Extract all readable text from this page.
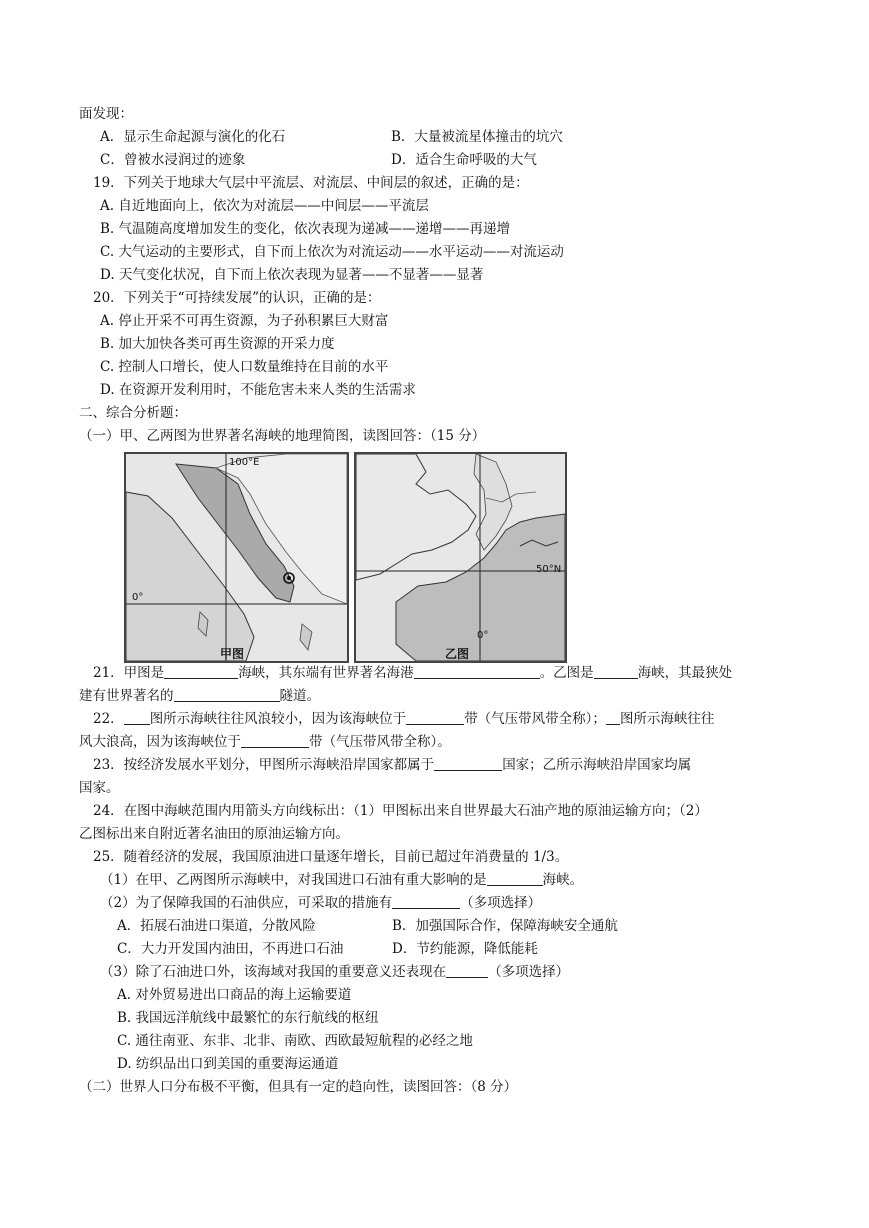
面发现：
A．显示生命起源与演化的化石	B．大量被流星体撞击的坑穴
C．曾被水浸润过的迹象	D．适合生命呼吸的大气
19．下列关于地球大气层中平流层、对流层、中间层的叙述，正确的是：
A. 自近地面向上，依次为对流层——中间层——平流层
B. 气温随高度增加发生的变化，依次表现为递减——递增——再递增
C. 大气运动的主要形式，自下而上依次为对流运动——水平运动——对流运动
D. 天气变化状况，自下而上依次表现为显著——不显著——显著
20．下列关于“可持续发展”的认识，正确的是：
A. 停止开采不可再生资源，为子孙积累巨大财富
B. 加大加快各类可再生资源的开采力度
C. 控制人口增长，使人口数量维持在目前的水平
D. 在资源开发利用时，不能危害未来人类的生活需求
二、综合分析题：
（一）甲、乙两图为世界著名海峡的地理简图，读图回答：（15 分）
100°E
0°
甲图
50°N
0°
乙图
21．甲图是	海峡，其东端有世界著名海港	。乙图是	海峡，其最狭处
建有世界著名的	隧道。
22． 图所示海峡往往风浪较小，因为该海峡位于	带（气压带风带全称）； 图所示海峡往往
风大浪高，因为该海峡位于	带（气压带风带全称）。
23．按经济发展水平划分，甲图所示海峡沿岸国家都属于	国家；乙所示海峡沿岸国家均属
国家。
24．在图中海峡范围内用箭头方向线标出：（1）甲图标出来自世界最大石油产地的原油运输方向；（2）
乙图标出来自附近著名油田的原油运输方向。
25．随着经济的发展，我国原油进口量逐年增长，目前已超过年消费量的 1/3。
（1）在甲、乙两图所示海峡中，对我国进口石油有重大影响的是	海峡。
（2）为了保障我国的石油供应，可采取的措施有	（多项选择）
A．拓展石油进口渠道，分散风险	B．加强国际合作，保障海峡安全通航
C．大力开发国内油田，不再进口石油	D．节约能源，降低能耗
（3）除了石油进口外，该海域对我国的重要意义还表现在	（多项选择）
A. 对外贸易进出口商品的海上运输要道
B. 我国远洋航线中最繁忙的东行航线的枢纽
C. 通往南亚、东非、北非、南欧、西欧最短航程的必经之地
D. 纺织品出口到美国的重要海运通道
（二）世界人口分布极不平衡，但具有一定的趋向性，读图回答：（8 分）
